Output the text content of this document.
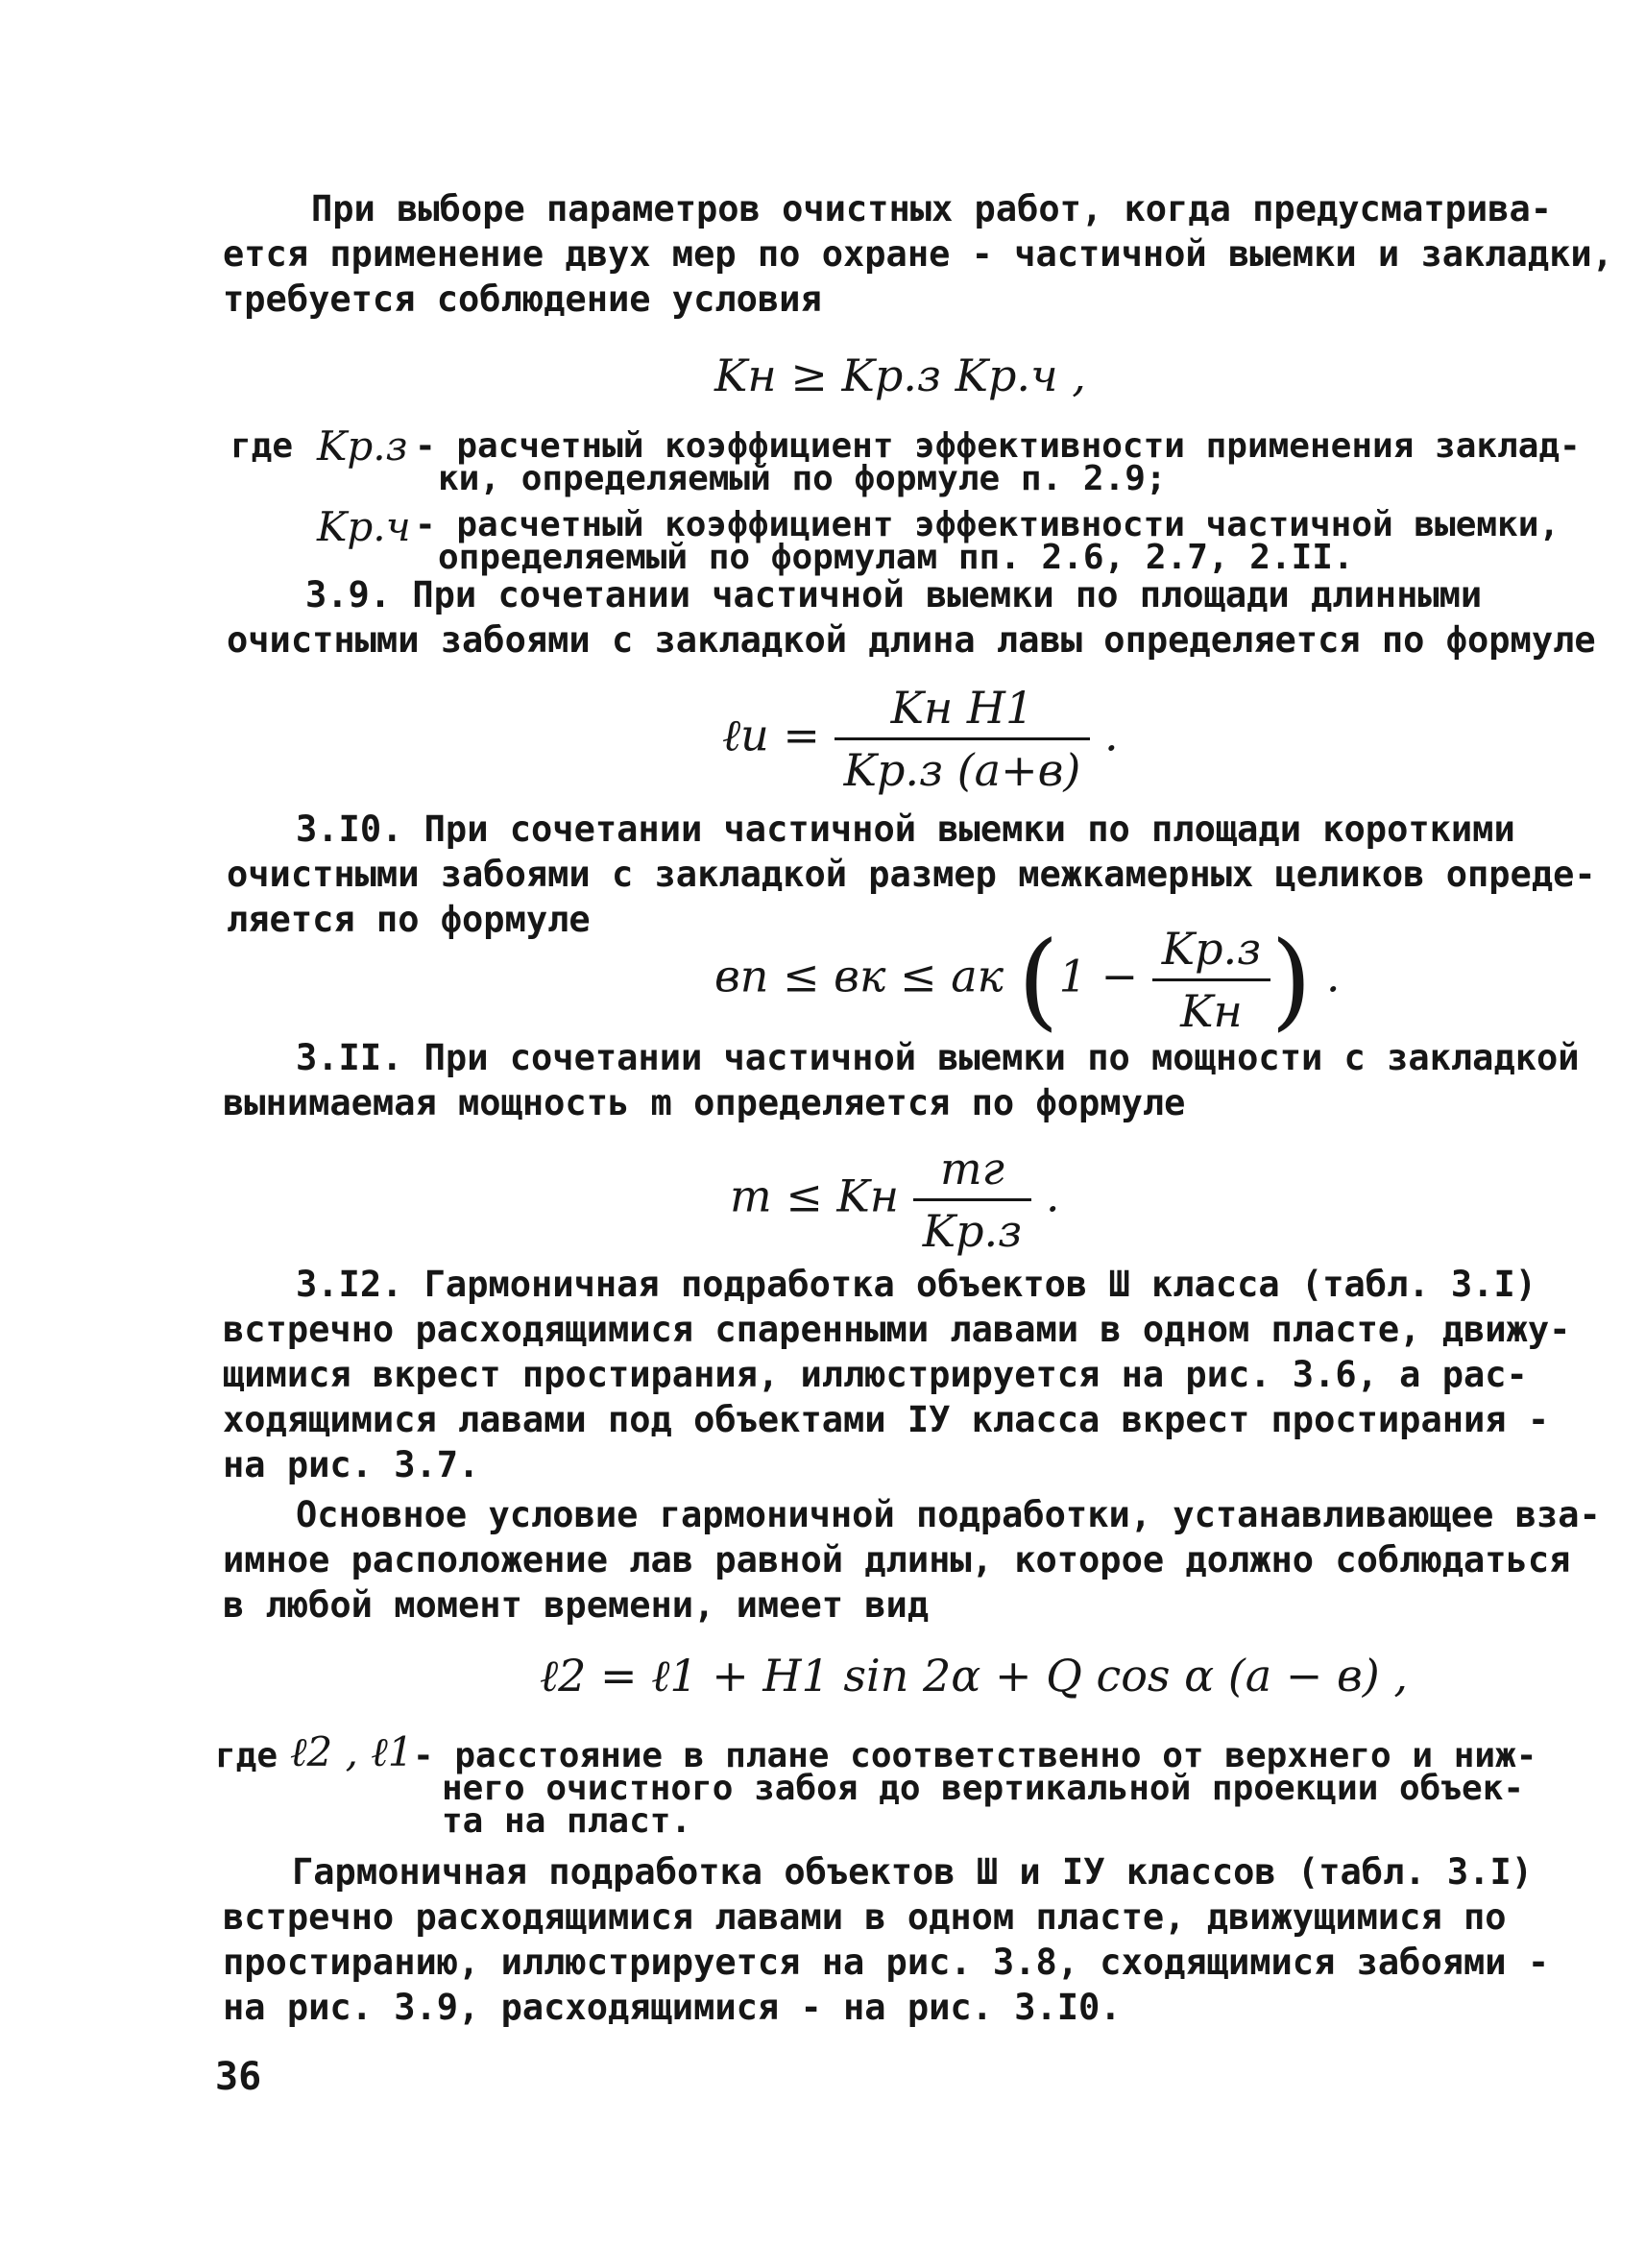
При выборе параметров очистных работ, когда предусматрива-
ется применение двух мер по охране - частичной выемки и закладки,
требуется соблюдение условия
Kн ≥ Kр.з Kр.ч ,
где Kр.з - расчетный коэффициент эффективности применения заклад-
ки, определяемый по формуле п. 2.9;
Kр.ч - расчетный коэффициент эффективности частичной выемки,
определяемый по формулам пп. 2.6, 2.7, 2.II.
3.9. При сочетании частичной выемки по площади длинными
очистными забоями с закладкой длина лавы определяется по формуле
ℓu = $\frac{\text{Kн H1}}{Kр.з (a+в)}$ .
3.I0. При сочетании частичной выемки по площади короткими
очистными забоями с закладкой размер межкамерных целиков опреде-
ляется по формуле
вп ≤ вк ≤ aк ($1 - \frac{Kр.з}{Kн}$ ) .
3.II. При сочетании частичной выемки по мощности с закладкой
вынимаемая мощность m определяется по формуле
m ≤ Kн $\frac{mг}{Kр.з}$ .
3.I2. Гармоничная подработка объектов Ш класса (табл. 3.I)
встречно расходящимися спаренными лавами в одном пласте, движу-
щимися вкрест простирания, иллюстрируется на рис. 3.6, а рас-
ходящимися лавами под объектами IУ класса вкрест простирания -
на рис. 3.7.
Основное условие гармоничной подработки, устанавливающее вза-
имное расположение лав равной длины, которое должно соблюдаться
в любой момент времени, имеет вид
ℓ2 = ℓ1 + H1 sin 2α + Q cos α (a − в) ,
где ℓ2 , ℓ1 - расстояние в плане соответственно от верхнего и ниж-
него очистного забоя до вертикальной проекции объек-
та на пласт.
Гармоничная подработка объектов Ш и IУ классов (табл. 3.I)
встречно расходящимися лавами в одном пласте, движущимися по
простиранию, иллюстрируется на рис. 3.8, сходящимися забоями -
на рис. 3.9, расходящимися - на рис. 3.I0.
36
